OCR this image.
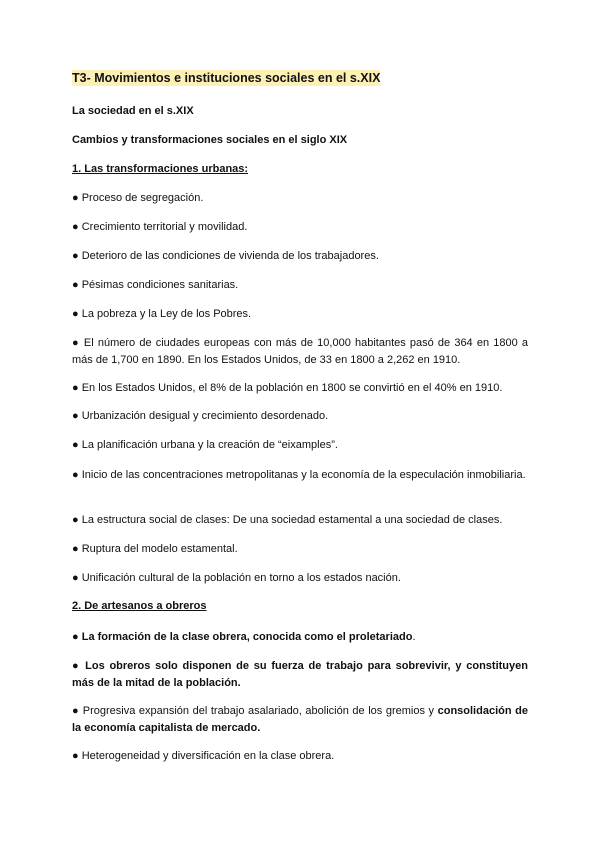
T3- Movimientos e instituciones sociales en el s.XIX
La sociedad en el s.XIX
Cambios y transformaciones sociales en el siglo XIX
1. Las transformaciones urbanas:
● Proceso de segregación.
● Crecimiento territorial y movilidad.
● Deterioro de las condiciones de vivienda de los trabajadores.
● Pésimas condiciones sanitarias.
● La pobreza y la Ley de los Pobres.
● El número de ciudades europeas con más de 10,000 habitantes pasó de 364 en 1800 a más de 1,700 en 1890. En los Estados Unidos, de 33 en 1800 a 2,262 en 1910.
● En los Estados Unidos, el 8% de la población en 1800 se convirtió en el 40% en 1910.
● Urbanización desigual y crecimiento desordenado.
● La planificación urbana y la creación de “eixamples”.
● Inicio de las concentraciones metropolitanas y la economía de la especulación inmobiliaria.
● La estructura social de clases: De una sociedad estamental a una sociedad de clases.
● Ruptura del modelo estamental.
● Unificación cultural de la población en torno a los estados nación.
2. De artesanos a obreros
● La formación de la clase obrera, conocida como el proletariado.
● Los obreros solo disponen de su fuerza de trabajo para sobrevivir, y constituyen más de la mitad de la población.
● Progresiva expansión del trabajo asalariado, abolición de los gremios y consolidación de la economía capitalista de mercado.
● Heterogeneidad y diversificación en la clase obrera.
